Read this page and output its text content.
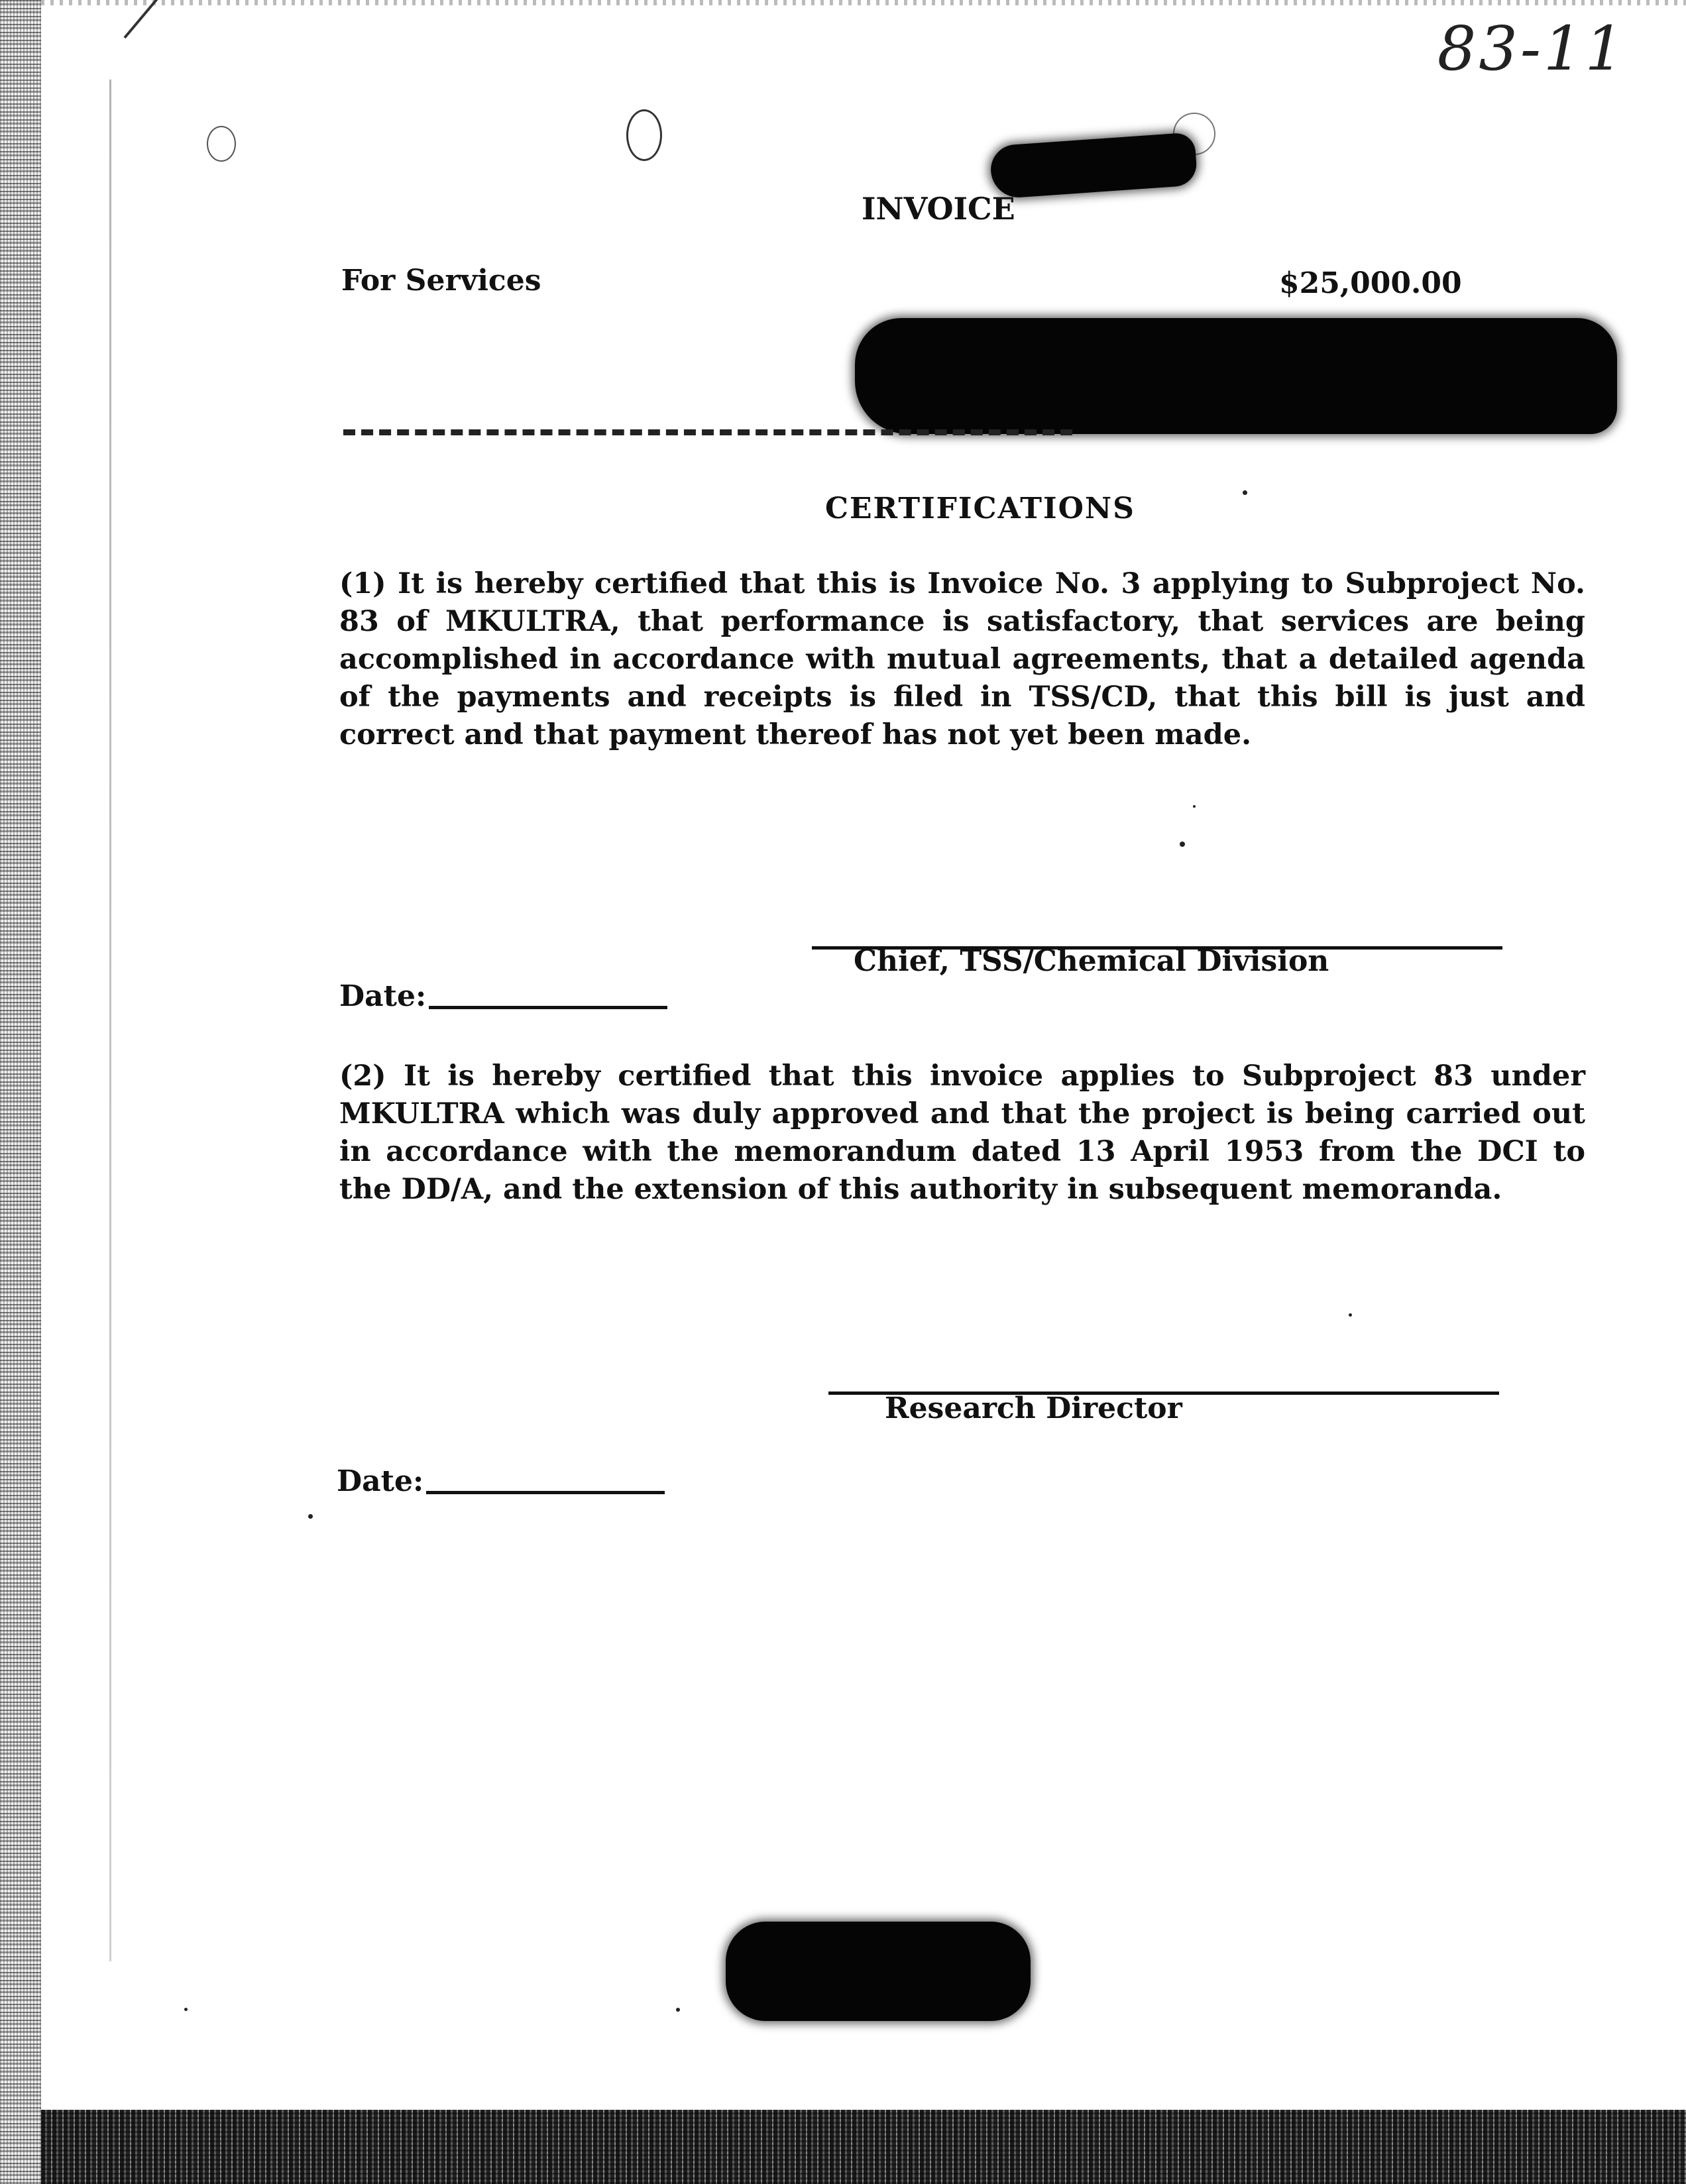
83-11
INVOICE
For Services	$25,000.00
CERTIFICATIONS

(1) It is hereby certified that this is Invoice No. 3 applying to Subproject No. 83 of MKULTRA, that performance is satisfactory, that services are being accomplished in accordance with mutual agreements, that a detailed agenda of the payments and receipts is filed in TSS/CD, that this bill is just and correct and that payment thereof has not yet been made.

Chief, TSS/Chemical Division
Date:

(2) It is hereby certified that this invoice applies to Subproject 83 under MKULTRA which was duly approved and that the project is being carried out in accordance with the memorandum dated 13 April 1953 from the DCI to the DD/A, and the extension of this authority in subsequent memoranda.

Research Director
Date:
